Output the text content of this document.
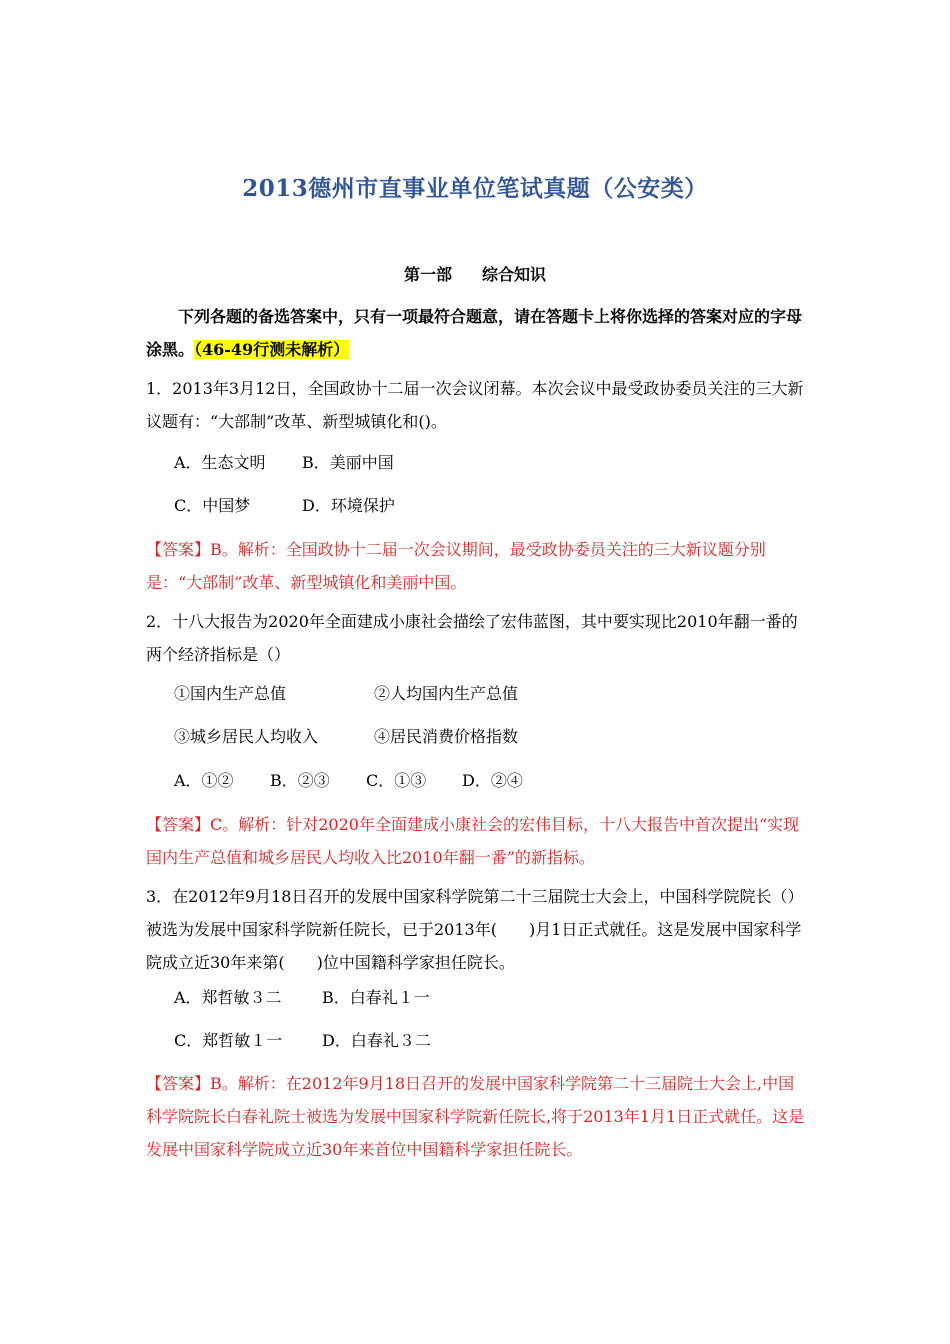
2013德州市直事业单位笔试真题（公安类）
第一部 综合知识
下列各题的备选答案中，只有一项最符合题意，请在答题卡上将你选择的答案对应的字母涂黑。（46-49行测未解析）
1．2013年3月12日，全国政协十二届一次会议闭幕。本次会议中最受政协委员关注的三大新议题有：“大部制”改革、新型城镇化和()。
A．生态文明 B．美丽中国
C．中国梦	D．环境保护
【答案】B。解析：全国政协十二届一次会议期间，最受政协委员关注的三大新议题分别是：“大部制”改革、新型城镇化和美丽中国。
2．十八大报告为2020年全面建成小康社会描绘了宏伟蓝图，其中要实现比2010年翻一番的两个经济指标是（）
①国内生产总值	②人均国内生产总值
③城乡居民人均收入	④居民消费价格指数
A．①② B．②③ C．①③ D．②④
【答案】C。解析：针对2020年全面建成小康社会的宏伟目标，十八大报告中首次提出“实现国内生产总值和城乡居民人均收入比2010年翻一番”的新指标。
3．在2012年9月18日召开的发展中国家科学院第二十三届院士大会上，中国科学院院长（）被选为发展中国家科学院新任院长，已于2013年(　　)月1日正式就任。这是发展中国家科学院成立近30年来第(　　)位中国籍科学家担任院长。
A．郑哲敏３二	B．白春礼１一
C．郑哲敏１一 D．白春礼３二
【答案】B。解析：在2012年9月18日召开的发展中国家科学院第二十三届院士大会上,中国科学院院长白春礼院士被选为发展中国家科学院新任院长,将于2013年1月1日正式就任。这是发展中国家科学院成立近30年来首位中国籍科学家担任院长。
